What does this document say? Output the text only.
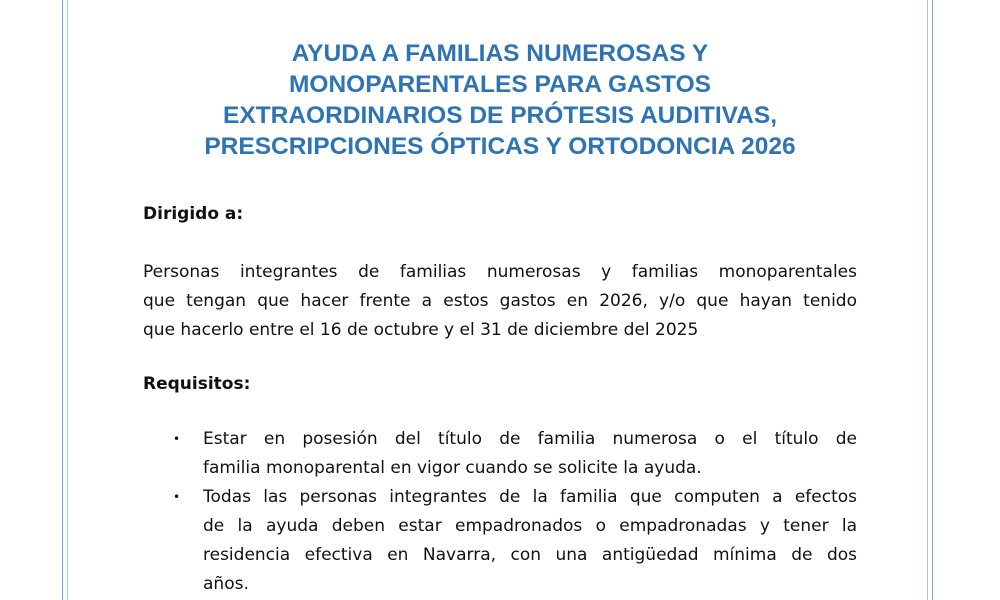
AYUDA A FAMILIAS NUMEROSAS Y
MONOPARENTALES PARA GASTOS
EXTRAORDINARIOS DE PRÓTESIS AUDITIVAS,
PRESCRIPCIONES ÓPTICAS Y ORTODONCIA 2026
Dirigido a:
Personas integrantes de familias numerosas y familias monoparentales
que tengan que hacer frente a estos gastos en 2026, y/o que hayan tenido
que hacerlo entre el 16 de octubre y el 31 de diciembre del 2025
Requisitos:
• Estar en posesión del título de familia numerosa o el título de
familia monoparental en vigor cuando se solicite la ayuda.
• Todas las personas integrantes de la familia que computen a efectos
de la ayuda deben estar empadronados o empadronadas y tener la
residencia efectiva en Navarra, con una antigüedad mínima de dos
años.
